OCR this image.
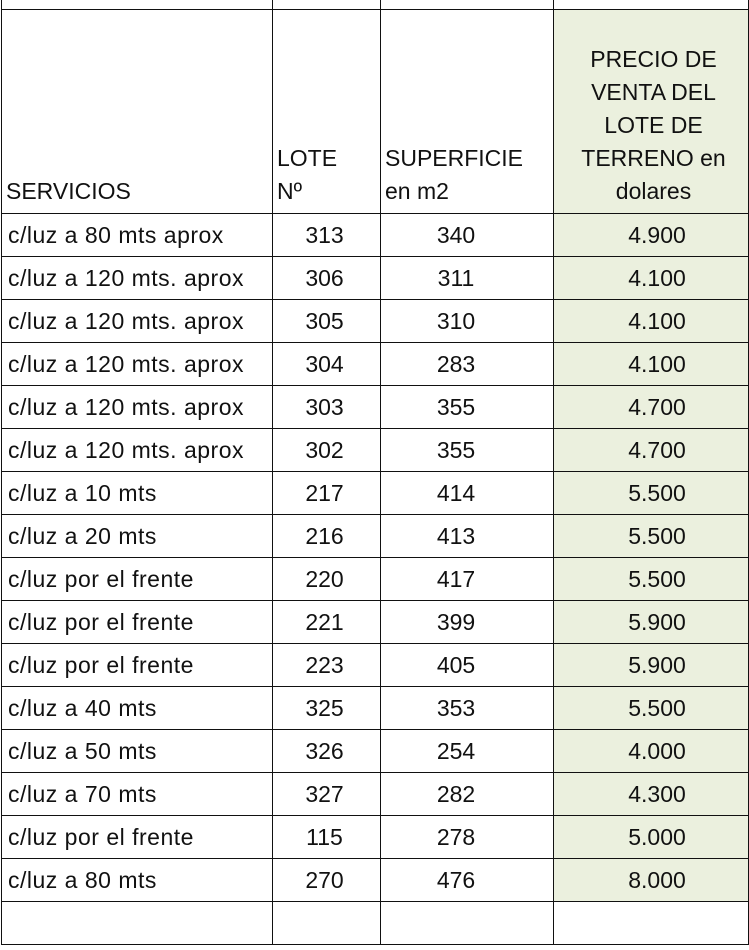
SERVICIOS	LOTE Nº	SUPERFICIE en m2	PRECIO DE VENTA DEL LOTE DE TERRENO en dolares
c/luz a 80 mts aprox	313	340	4.900
c/luz a 120 mts. aprox	306	311	4.100
c/luz a 120 mts. aprox	305	310	4.100
c/luz a 120 mts. aprox	304	283	4.100
c/luz a 120 mts. aprox	303	355	4.700
c/luz a 120 mts. aprox	302	355	4.700
c/luz a 10 mts	217	414	5.500
c/luz a 20 mts	216	413	5.500
c/luz por el frente	220	417	5.500
c/luz por el frente	221	399	5.900
c/luz por el frente	223	405	5.900
c/luz a 40 mts	325	353	5.500
c/luz a 50 mts	326	254	4.000
c/luz a 70 mts	327	282	4.300
c/luz por el frente	115	278	5.000
c/luz a 80 mts	270	476	8.000
